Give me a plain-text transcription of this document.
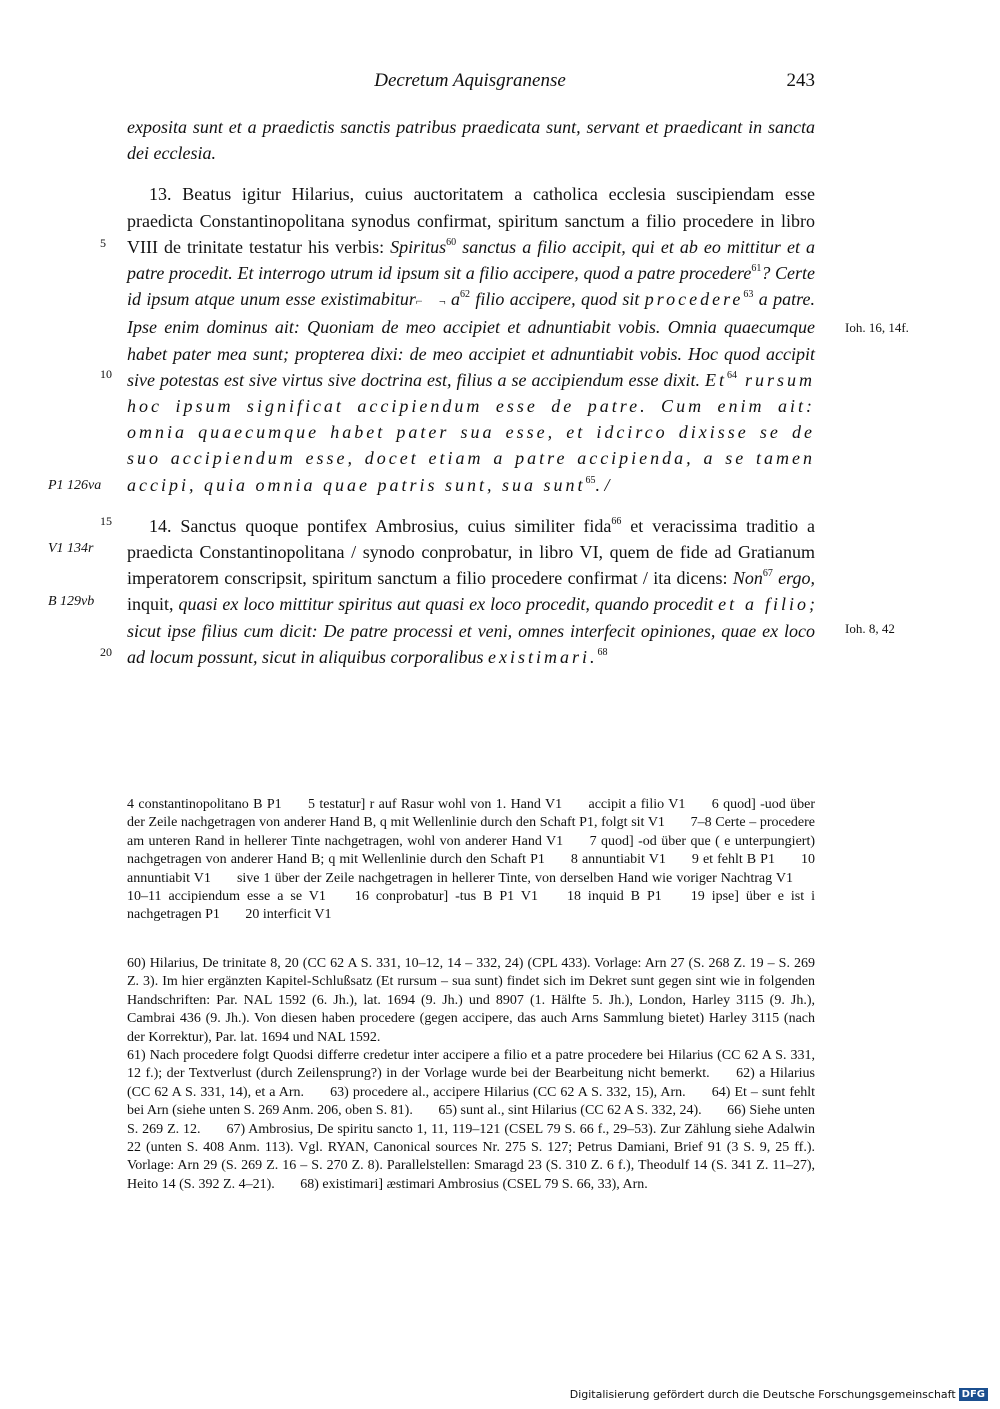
Decretum Aquisgranense	243

exposita sunt et a praedictis sanctis patribus praedicata sunt, servant et praedicant in sancta dei ecclesia.

13. Beatus igitur Hilarius, cuius auctoritatem a catholica ecclesia suscipiendam esse praedicta Constantinopolitana synodus confirmat, spiritum sanctum a filio procedere in libro VIII de trinitate testatur his verbis: Spiritus$^{60}$ sanctus a filio accipit, qui et ab eo mittitur et a patre procedit. Et interrogo utrum id ipsum sit a filio accipere, quod a patre procedere$^{61}$? Certe id ipsum atque unum esse existimabitur⌐ ¬ $a^{62}$ filio accipere, quod sit procedere$^{63}$ a patre. Ipse enim dominus ait: Quoniam de meo accipiet et adnuntiabit vobis. Omnia quaecumque habet pater mea sunt; propterea dixi: de meo accipiet et adnuntiabit vobis. Hoc quod accipit sive potestas est sive virtus sive doctrina est, filius a se accipiendum esse dixit. Et$^{64}$ rursum hoc ipsum significat accipiendum esse de patre. Cum enim ait: omnia quaecumque habet pater sua esse, et idcirco dixisse se de suo accipiendum esse, docet etiam a patre accipienda, a se tamen accipi, quia omnia quae patris sunt, sua sunt$^{65}$. /

14. Sanctus quoque pontifex Ambrosius, cuius similiter fida$^{66}$ et veracissima traditio a praedicta Constantinopolitana / synodo conprobatur, in libro VI, quem de fide ad Gratianum imperatorem conscripsit, spiritum sanctum a filio procedere confirmat / ita dicens: Non$^{67}$ ergo, inquit, quasi ex loco mittitur spiritus aut quasi ex loco procedit, quando procedit et a filio; sicut ipse filius cum dicit: De patre processi et veni, omnes interfecit opiniones, quae ex loco ad locum possunt, sicut in aliquibus corporalibus existimari.$^{68}$

5
10
15
20
P1 126va
V1 134r
B 129vb
Ioh. 16, 14f.
Ioh. 8, 42

4 constantinopolitano B P1 5 testatur] r auf Rasur wohl von 1. Hand V1 accipit a filio V1 6 quod] -uod über der Zeile nachgetragen von anderer Hand B, q mit Wellenlinie durch den Schaft P1, folgt sit V1 7–8 Certe – procedere am unteren Rand in hellerer Tinte nachgetragen, wohl von anderer Hand V1 7 quod] -od über que ( e unterpungiert) nachgetragen von anderer Hand B; q mit Wellenlinie durch den Schaft P1 8 annuntiabit V1 9 et fehlt B P1 10 annuntiabit V1 sive 1 über der Zeile nachgetragen in hellerer Tinte, von derselben Hand wie voriger Nachtrag V1 10–11 accipiendum esse a se V1 16 conprobatur] -tus B P1 V1 18 inquid B P1 19 ipse] über e ist i nachgetragen P1 20 interficit V1

60) Hilarius, De trinitate 8, 20 (CC 62 A S. 331, 10–12, 14 – 332, 24) (CPL 433). Vorlage: Arn 27 (S. 268 Z. 19 – S. 269 Z. 3). Im hier ergänzten Kapitel-Schlußsatz (Et rursum – sua sunt) findet sich im Dekret sunt gegen sint wie in folgenden Handschriften: Par. NAL 1592 (6. Jh.), lat. 1694 (9. Jh.) und 8907 (1. Hälfte 5. Jh.), London, Harley 3115 (9. Jh.), Cambrai 436 (9. Jh.). Von diesen haben procedere (gegen accipere, das auch Arns Sammlung bietet) Harley 3115 (nach der Korrektur), Par. lat. 1694 und NAL 1592.

61) Nach procedere folgt Quodsi differre credetur inter accipere a filio et a patre procedere bei Hilarius (CC 62 A S. 331, 12 f.); der Textverlust (durch Zeilensprung?) in der Vorlage wurde bei der Bearbeitung nicht bemerkt. 62) a Hilarius (CC 62 A S. 331, 14), et a Arn. 63) procedere al., accipere Hilarius (CC 62 A S. 332, 15), Arn. 64) Et – sunt fehlt bei Arn (siehe unten S. 269 Anm. 206, oben S. 81). 65) sunt al., sint Hilarius (CC 62 A S. 332, 24). 66) Siehe unten S. 269 Z. 12. 67) Ambrosius, De spiritu sancto 1, 11, 119–121 (CSEL 79 S. 66 f., 29–53). Zur Zählung siehe Adalwin 22 (unten S. 408 Anm. 113). Vgl. RYAN, Canonical sources Nr. 275 S. 127; Petrus Damiani, Brief 91 (3 S. 9, 25 ff.). Vorlage: Arn 29 (S. 269 Z. 16 – S. 270 Z. 8). Parallelstellen: Smaragd 23 (S. 310 Z. 6 f.), Theodulf 14 (S. 341 Z. 11–27), Heito 14 (S. 392 Z. 4–21). 68) existimari] æstimari Ambrosius (CSEL 79 S. 66, 33), Arn.

Digitalisierung gefördert durch die Deutsche Forschungsgemeinschaft DFG
